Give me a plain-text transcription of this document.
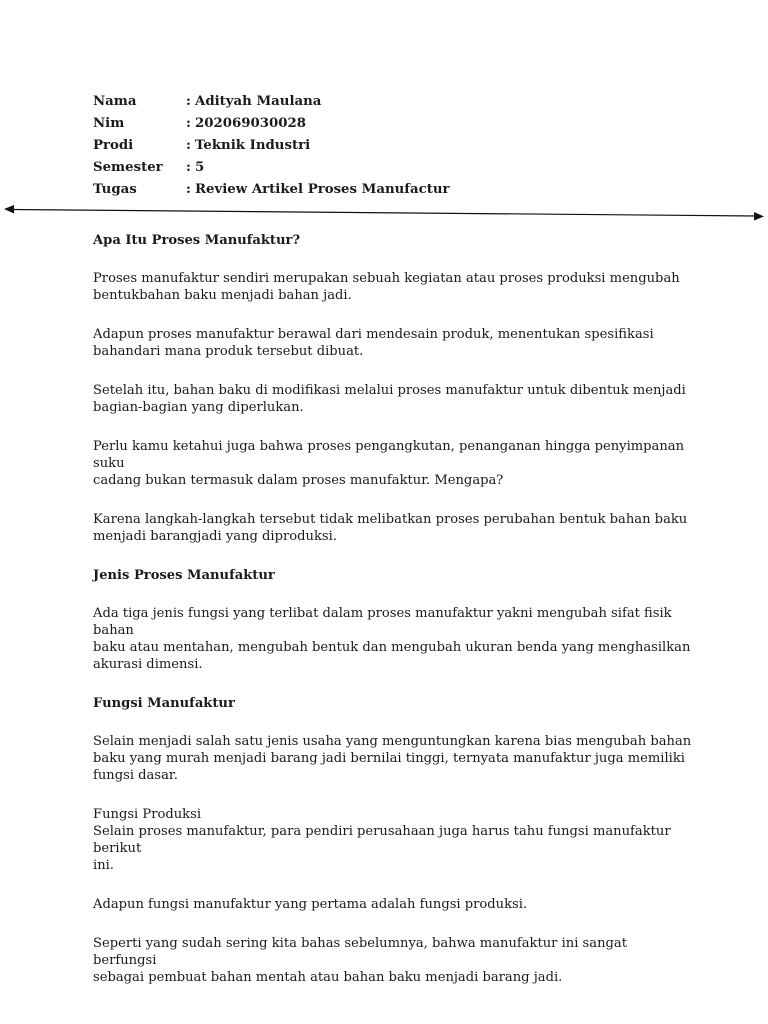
Nama	: Adityah Maulana
Nim	: 202069030028
Prodi	: Teknik Industri
Semester : 5
Tugas	: Review Artikel Proses Manufactur

Apa Itu Proses Manufaktur?

Proses manufaktur sendiri merupakan sebuah kegiatan atau proses produksi mengubah
bentukbahan baku menjadi bahan jadi.
Adapun proses manufaktur berawal dari mendesain produk, menentukan spesifikasi
bahandari mana produk tersebut dibuat.
Setelah itu, bahan baku di modifikasi melalui proses manufaktur untuk dibentuk menjadi
bagian-bagian yang diperlukan.
Perlu kamu ketahui juga bahwa proses pengangkutan, penanganan hingga penyimpanan suku
cadang bukan termasuk dalam proses manufaktur. Mengapa?
Karena langkah-langkah tersebut tidak melibatkan proses perubahan bentuk bahan baku
menjadi barangjadi yang diproduksi.

Jenis Proses Manufaktur

Ada tiga jenis fungsi yang terlibat dalam proses manufaktur yakni mengubah sifat fisik bahan
baku atau mentahan, mengubah bentuk dan mengubah ukuran benda yang menghasilkan
akurasi dimensi.

Fungsi Manufaktur

Selain menjadi salah satu jenis usaha yang menguntungkan karena bias mengubah bahan
baku yang murah menjadi barang jadi bernilai tinggi, ternyata manufaktur juga memiliki
fungsi dasar.
Fungsi Produksi
Selain proses manufaktur, para pendiri perusahaan juga harus tahu fungsi manufaktur berikut
ini.
Adapun fungsi manufaktur yang pertama adalah fungsi produksi.
Seperti yang sudah sering kita bahas sebelumnya, bahwa manufaktur ini sangat berfungsi
sebagai pembuat bahan mentah atau bahan baku menjadi barang jadi.
